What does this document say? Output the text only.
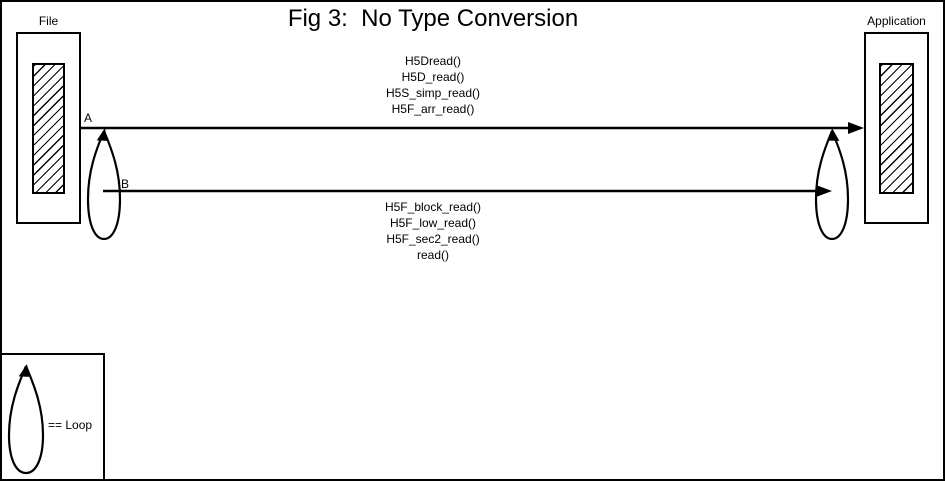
Fig 3:  No Type Conversion
File	Application
H5Dread()
H5D_read()
H5S_simp_read()
H5F_arr_read()
H5F_block_read()
H5F_low_read()
H5F_sec2_read()
read()
A
B
== Loop
